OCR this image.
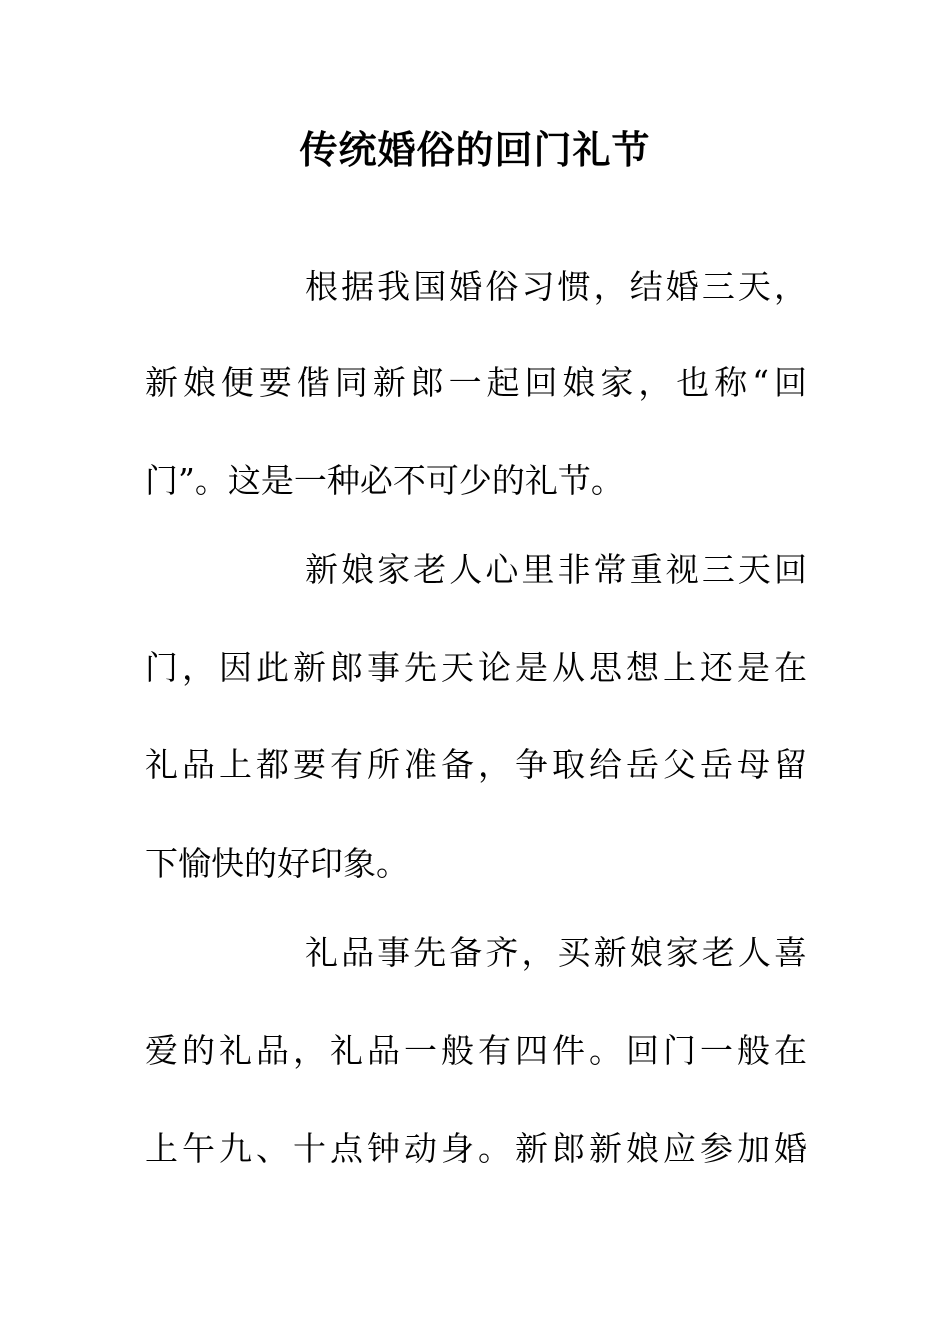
传统婚俗的回门礼节
根据我国婚俗习惯，结婚三天，
新娘便要偕同新郎一起回娘家，也称“回
门”。这是一种必不可少的礼节。
新娘家老人心里非常重视三天回
门，因此新郎事先天论是从思想上还是在
礼品上都要有所准备，争取给岳父岳母留
下愉快的好印象。
礼品事先备齐，买新娘家老人喜
爱的礼品，礼品一般有四件。回门一般在
上午九、十点钟动身。新郎新娘应参加婚
